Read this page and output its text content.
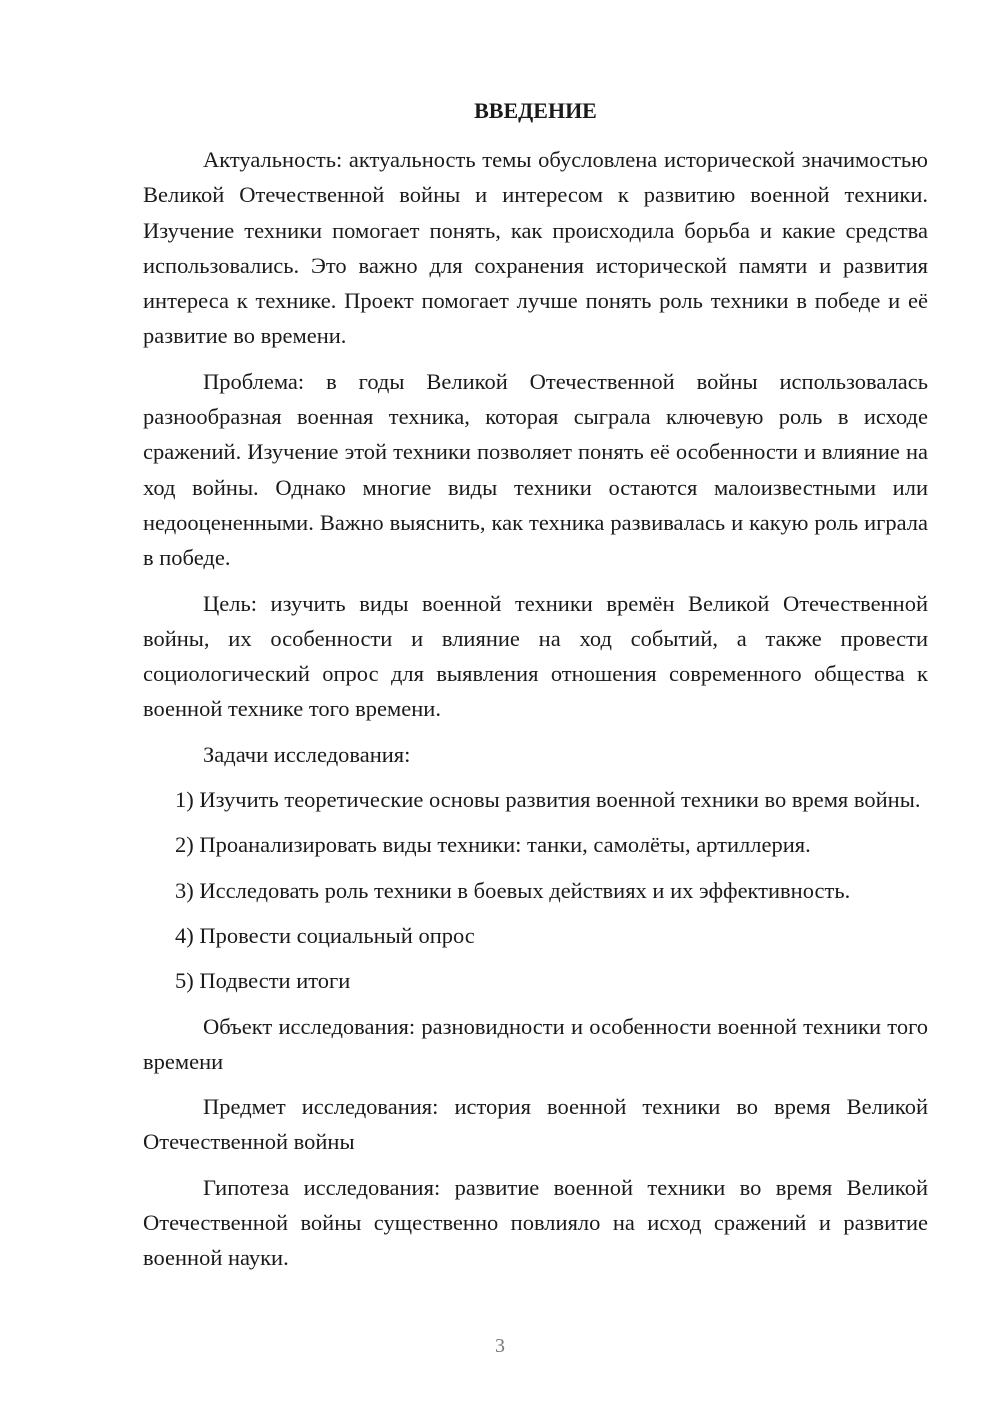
ВВЕДЕНИЕ

Актуальность: актуальность темы обусловлена исторической значимостью Великой Отечественной войны и интересом к развитию военной техники. Изучение техники помогает понять, как происходила борьба и какие средства использовались. Это важно для сохранения исторической памяти и развития интереса к технике. Проект помогает лучше понять роль техники в победе и её развитие во времени.

Проблема: в годы Великой Отечественной войны использовалась разнообразная военная техника, которая сыграла ключевую роль в исходе сражений. Изучение этой техники позволяет понять её особенности и влияние на ход войны. Однако многие виды техники остаются малоизвестными или недооцененными. Важно выяснить, как техника развивалась и какую роль играла в победе.

Цель: изучить виды военной техники времён Великой Отечественной войны, их особенности и влияние на ход событий, а также провести социологический опрос для выявления отношения современного общества к военной технике того времени.

Задачи исследования:

1) Изучить теоретические основы развития военной техники во время войны.

2) Проанализировать виды техники: танки, самолёты, артиллерия.

3) Исследовать роль техники в боевых действиях и их эффективность.

4) Провести социальный опрос

5) Подвести итоги

Объект исследования: разновидности и особенности военной техники того времени

Предмет исследования: история военной техники во время Великой Отечественной войны

Гипотеза исследования: развитие военной техники во время Великой Отечественной войны существенно повлияло на исход сражений и развитие военной науки.

3
